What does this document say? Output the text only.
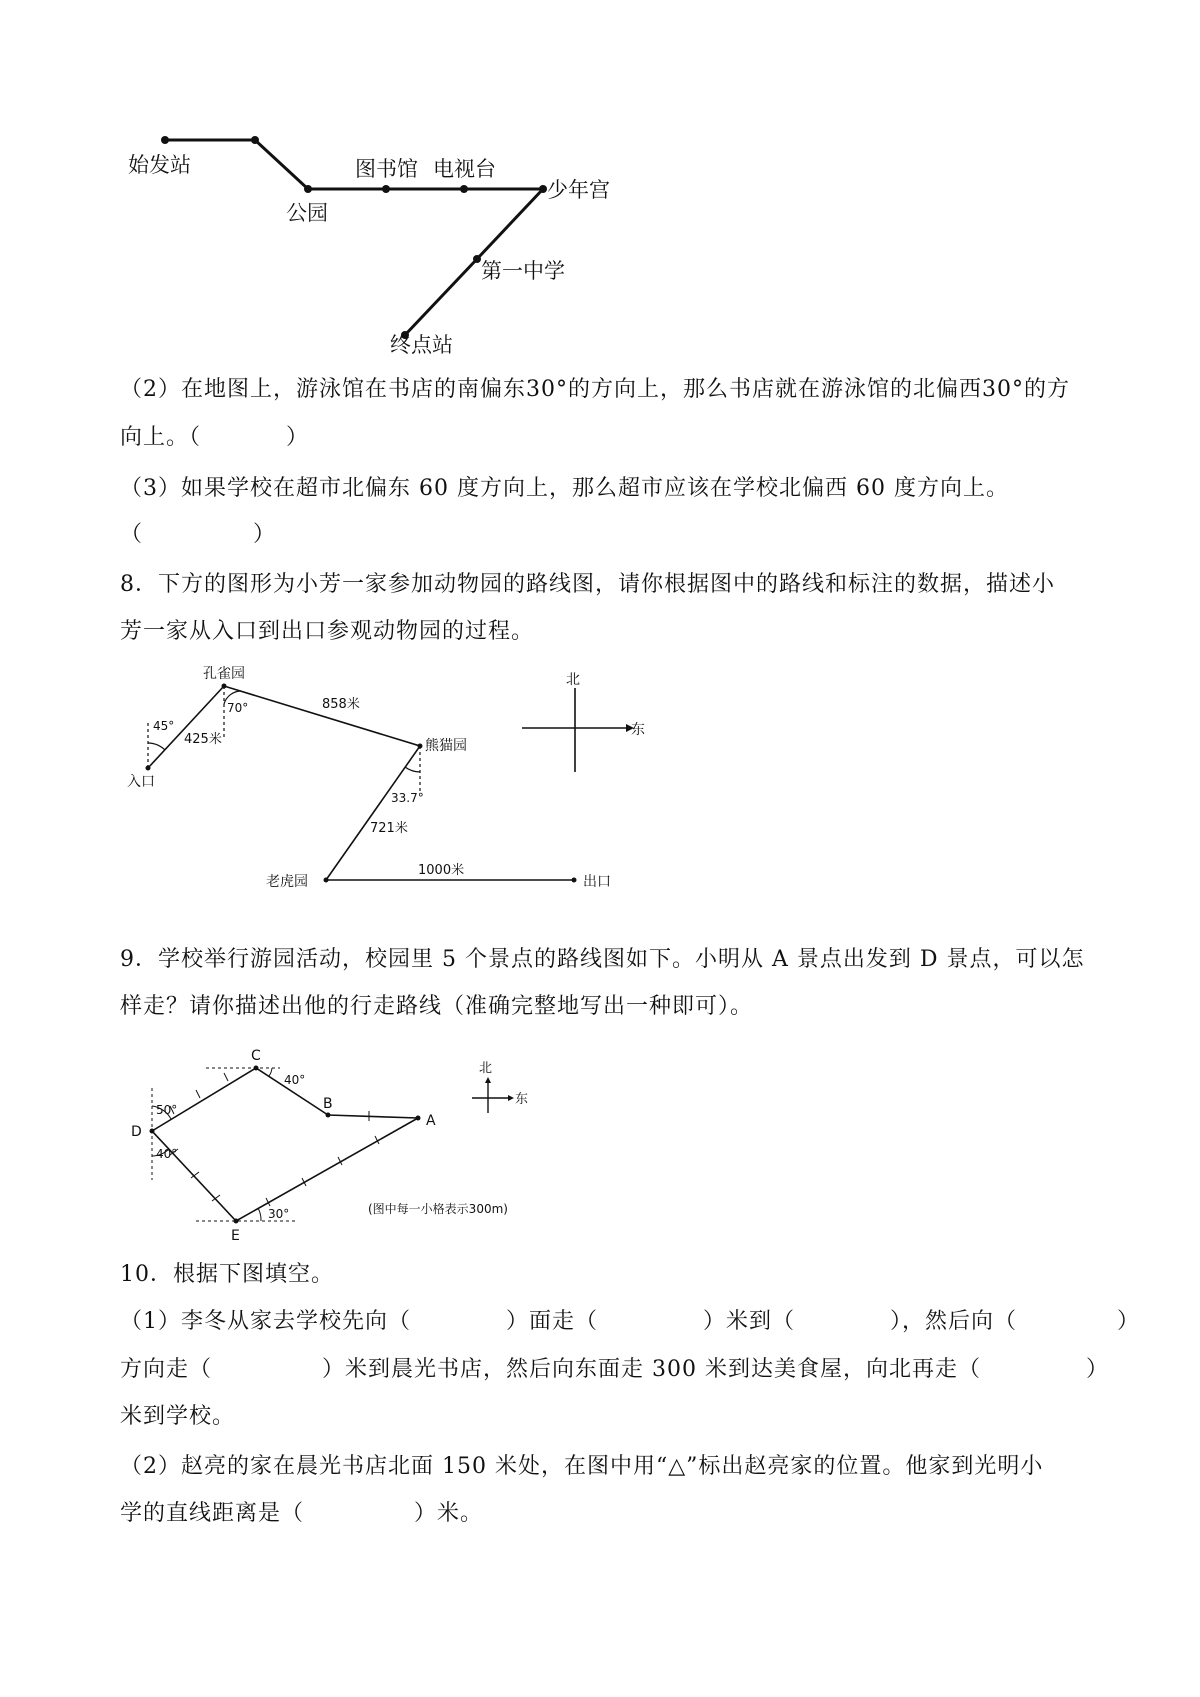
始发站
公园
图书馆 电视台
少年宫
第一中学
终点站
孔雀园
入口
熊猫园
老虎园	出口
45°
70°
33.7°
425米
858米
721米
1000米
北
东
A
B
C
D
E
40°
50°
40°
30°	(图中每一小格表示300m)
北
东
（2）在地图上，游泳馆在书店的南偏东30°的方向上，那么书店就在游泳馆的北偏西30°的方
向上。（	）
（3）如果学校在超市北偏东 60 度方向上，那么超市应该在学校北偏西 60 度方向上。
（	）
8．下方的图形为小芳一家参加动物园的路线图，请你根据图中的路线和标注的数据，描述小
芳一家从入口到出口参观动物园的过程。
9．学校举行游园活动，校园里 5 个景点的路线图如下。小明从 A 景点出发到 D 景点，可以怎
样走？请你描述出他的行走路线（准确完整地写出一种即可）。
10．根据下图填空。
（1）李冬从家去学校先向（	）面走（	）米到（	），然后向（	）
方向走（	）米到晨光书店，然后向东面走 300 米到达美食屋，向北再走（	）
米到学校。
（2）赵亮的家在晨光书店北面 150 米处，在图中用“△”标出赵亮家的位置。他家到光明小
学的直线距离是（	）米。
